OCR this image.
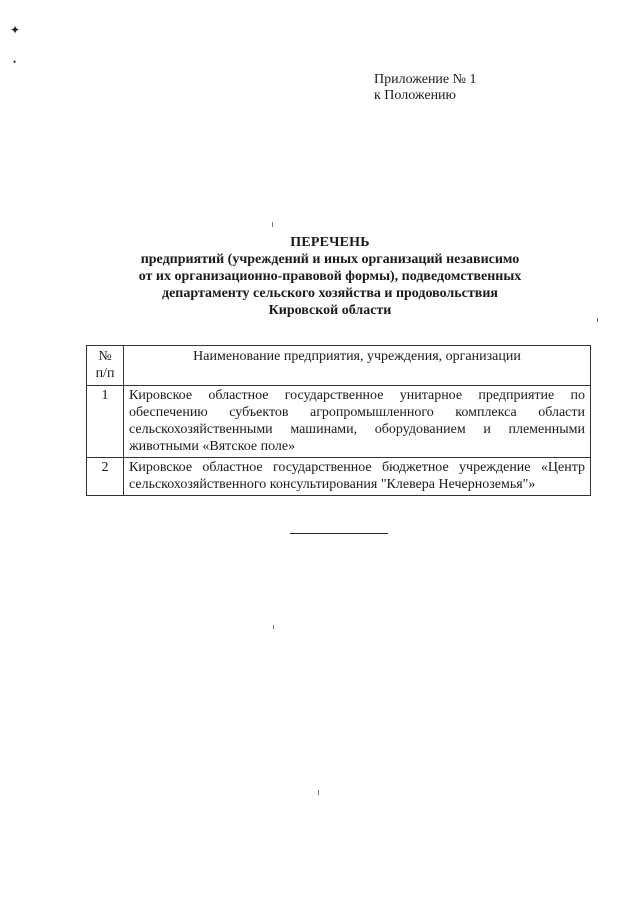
✦
•
Приложение № 1
к Положению
ПЕРЕЧЕНЬ
предприятий (учреждений и иных организаций независимо
от их организационно-правовой формы), подведомственных
департаменту сельского хозяйства и продовольствия
Кировской области
№ п/п	Наименование предприятия, учреждения, организации
1	Кировское областное государственное унитарное предприятие по обеспечению субъектов агропромышленного комплекса области сельскохозяйственными машинами, оборудованием и племенными животными «Вятское поле»
2	Кировское областное государственное бюджетное учреждение «Центр сельскохозяйственного консультирования "Клевера Нечерноземья"»
